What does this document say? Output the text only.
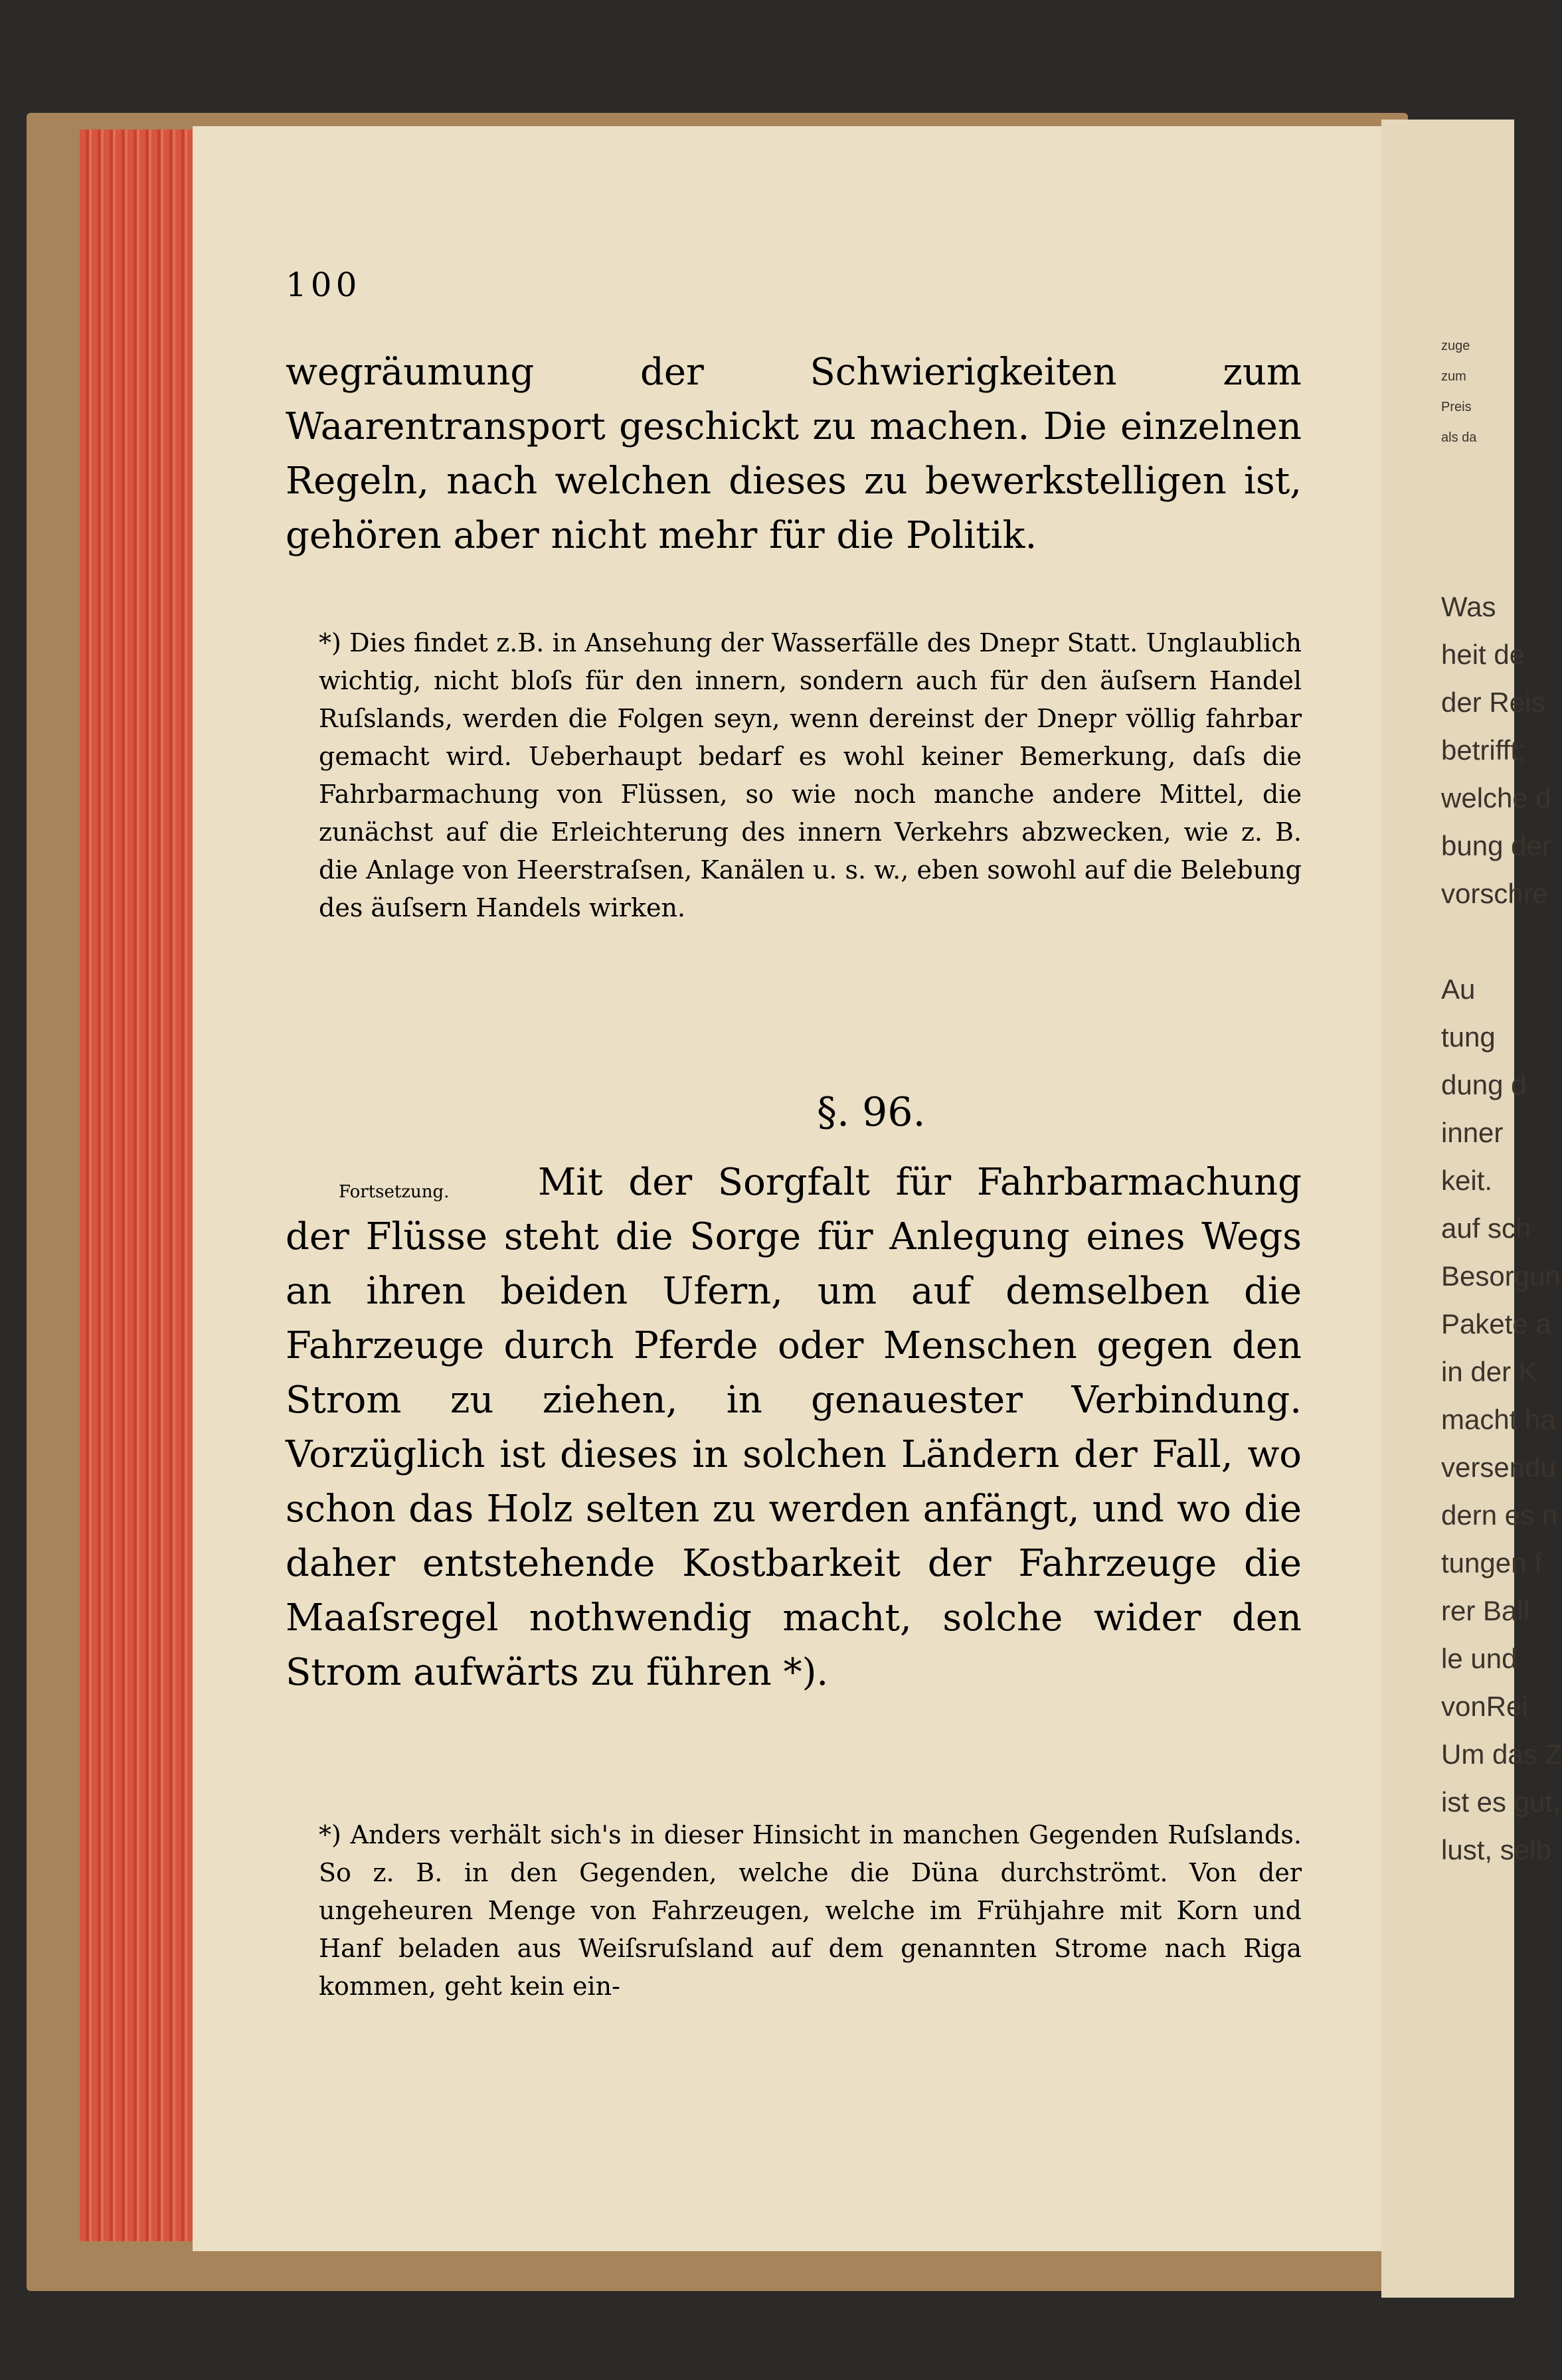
100

wegräumung der Schwierigkeiten zum Waarentransport geschickt zu machen. Die einzelnen Regeln, nach welchen dieses zu bewerkstelligen ist, gehören aber nicht mehr für die Politik.

*) Dies findet z.B. in Ansehung der Wasserfälle des Dnepr Statt. Unglaublich wichtig, nicht bloſs für den innern, sondern auch für den äuſsern Handel Ruſslands, werden die Folgen seyn, wenn dereinst der Dnepr völlig fahrbar gemacht wird. Ueberhaupt bedarf es wohl keiner Bemerkung, daſs die Fahrbarmachung von Flüssen, so wie noch manche andere Mittel, die zunächst auf die Erleichterung des innern Verkehrs abzwecken, wie z. B. die Anlage von Heerstraſsen, Kanälen u. s. w., eben sowohl auf die Belebung des äuſsern Handels wirken.

§. 96.
Fortsetzung.	Mit der Sorgfalt für Fahrbarmachung der Flüsse steht die Sorge für Anlegung eines Wegs an ihren beiden Ufern, um auf demselben die Fahrzeuge durch Pferde oder Menschen gegen den Strom zu ziehen, in genauester Verbindung. Vorzüglich ist dieses in solchen Ländern der Fall, wo schon das Holz selten zu werden anfängt, und wo die daher entstehende Kostbarkeit der Fahrzeuge die Maaſsregel nothwendig macht, solche wider den Strom aufwärts zu führen *).

*) Anders verhält sich's in dieser Hinsicht in manchen Gegenden Ruſslands. So z. B. in den Gegenden, welche die Düna durchströmt. Von der ungeheuren Menge von Fahrzeugen, welche im Frühjahre mit Korn und Hanf beladen aus Weiſsruſsland auf dem genannten Strome nach Riga kommen, geht kein ein-

zuge
zum
Preis
als da
Was
heit de
der Reis
betrifft;
welche d
bung der
vorschre
Au
tung
dung d
inner
keit.
auf sch
Besorgun
Pakete a
in der K
macht ha
versendu
dern es n
tungen f
rer Ball
le und
vonRei
Um das Z
ist es gut,
lust, selb
